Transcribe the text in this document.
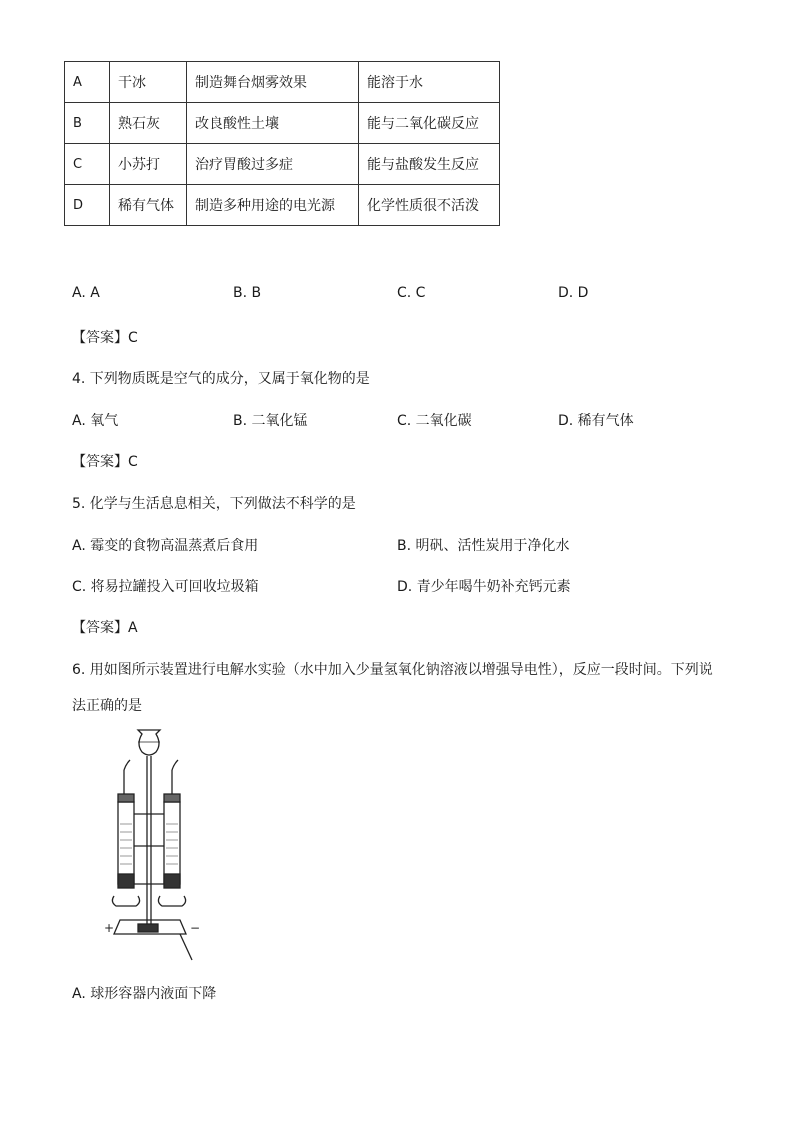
A	干冰	制造舞台烟雾效果	能溶于水
B	熟石灰	改良酸性土壤	能与二氧化碳反应
C	小苏打	治疗胃酸过多症	能与盐酸发生反应
D	稀有气体	制造多种用途的电光源	化学性质很不活泼
A. A	B. B	C. C	D. D
【答案】C
4. 下列物质既是空气的成分，又属于氧化物的是
A. 氧气	B. 二氧化锰	C. 二氧化碳	D. 稀有气体
【答案】C
5. 化学与生活息息相关，下列做法不科学的是
A. 霉变的食物高温蒸煮后食用	B. 明矾、活性炭用于净化水
C. 将易拉罐投入可回收垃圾箱	D. 青少年喝牛奶补充钙元素
【答案】A
6. 用如图所示装置进行电解水实验（水中加入少量氢氧化钠溶液以增强导电性），反应一段时间。下列说
法正确的是
+	−
A. 球形容器内液面下降
